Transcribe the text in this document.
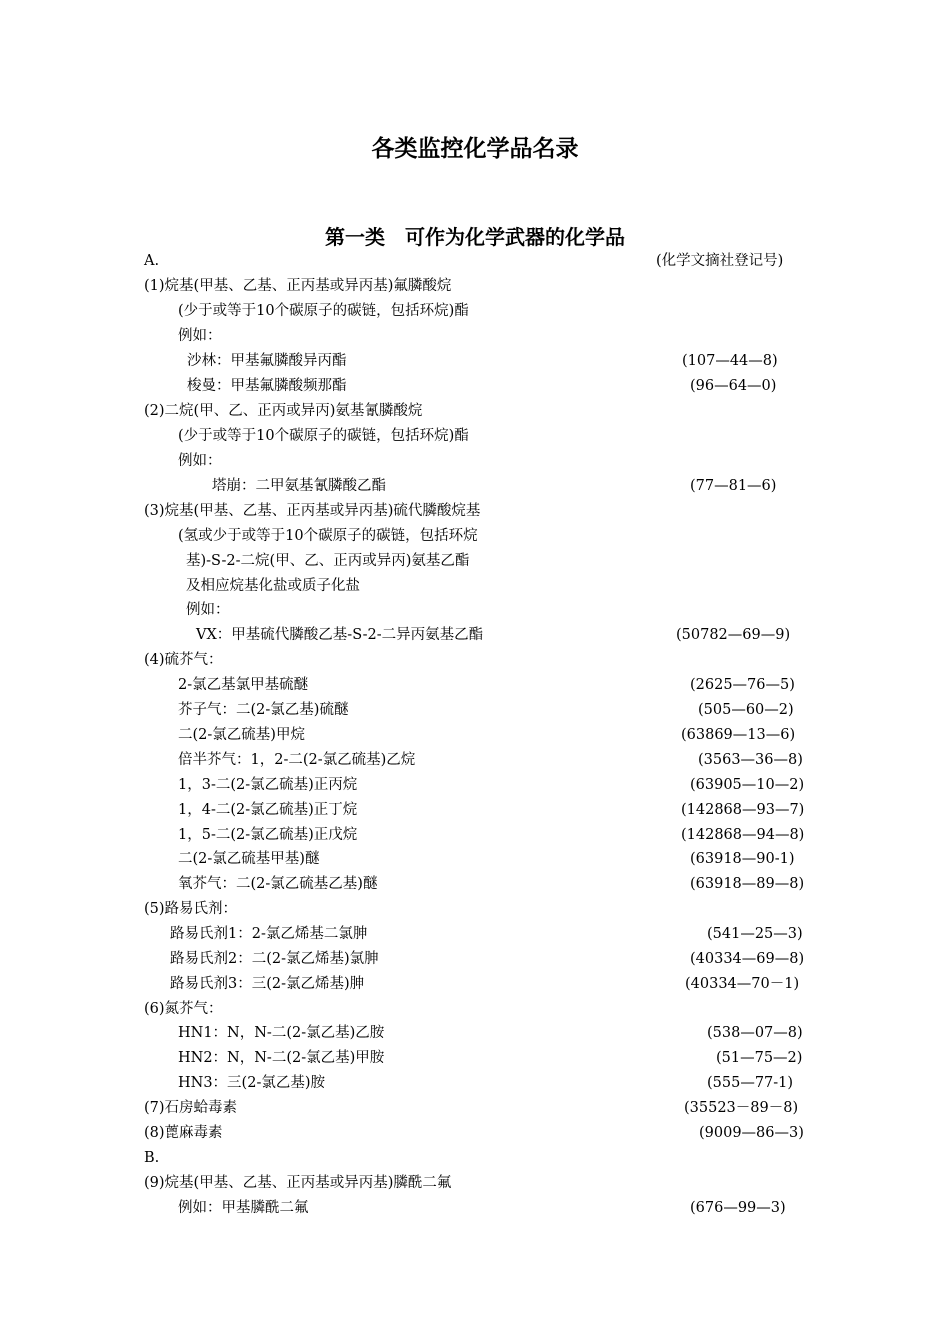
各类监控化学品名录
第一类　可作为化学武器的化学品
A.	(化学文摘社登记号)
(1)烷基(甲基、乙基、正丙基或异丙基)氟膦酸烷
(少于或等于10个碳原子的碳链，包括环烷)酯
例如：
沙林：甲基氟膦酸异丙酯	(107—44—8)
梭曼：甲基氟膦酸频那酯	(96—64—0)
(2)二烷(甲、乙、正丙或异丙)氨基氰膦酸烷
(少于或等于10个碳原子的碳链，包括环烷)酯
例如：
塔崩：二甲氨基氰膦酸乙酯	(77—81—6)
(3)烷基(甲基、乙基、正丙基或异丙基)硫代膦酸烷基
(氢或少于或等于10个碳原子的碳链，包括环烷
基)-S-2-二烷(甲、乙、正丙或异丙)氨基乙酯
及相应烷基化盐或质子化盐
例如：
VX：甲基硫代膦酸乙基-S-2-二异丙氨基乙酯	(50782—69—9)
(4)硫芥气：
2-氯乙基氯甲基硫醚	(2625—76—5)
芥子气：二(2-氯乙基)硫醚	(505—60—2)
二(2-氯乙硫基)甲烷	(63869—13—6)
倍半芥气：1，2-二(2-氯乙硫基)乙烷	(3563—36—8)
1，3-二(2-氯乙硫基)正丙烷	(63905—10—2)
1，4-二(2-氯乙硫基)正丁烷	(142868—93—7)
1，5-二(2-氯乙硫基)正戊烷	(142868—94—8)
二(2-氯乙硫基甲基)醚	(63918—90-1)
氧芥气：二(2-氯乙硫基乙基)醚	(63918—89—8)
(5)路易氏剂：
路易氏剂1：2-氯乙烯基二氯胂	(541—25—3)
路易氏剂2：二(2-氯乙烯基)氯胂	(40334—69—8)
路易氏剂3：三(2-氯乙烯基)胂	(40334—70－1)
(6)氮芥气：
HN1：N，N-二(2-氯乙基)乙胺	(538—07—8)
HN2：N，N-二(2-氯乙基)甲胺	(51—75—2)
HN3：三(2-氯乙基)胺	(555—77-1)
(7)石房蛤毒素	(35523－89－8)
(8)蓖麻毒素	(9009—86—3)
B.
(9)烷基(甲基、乙基、正丙基或异丙基)膦酰二氟
例如：甲基膦酰二氟	(676—99—3)
